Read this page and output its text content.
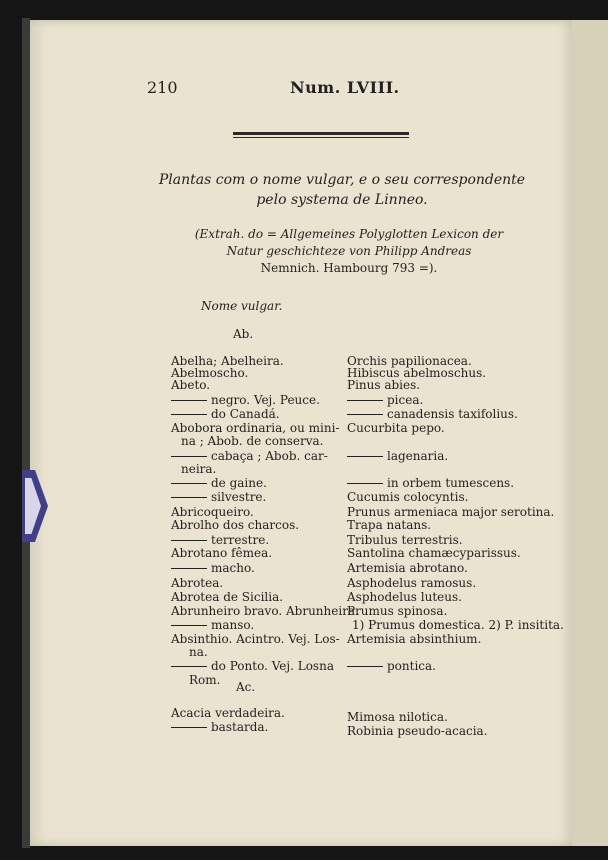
210	Num. LVIII.
Plantas com o nome vulgar, e o seu correspondente
pelo systema de Linneo.
(Extrah. do = Allgemeines Polyglotten Lexicon der
Natur geschichteze von Philipp Andreas
Nemnich. Hambourg 793 =).
Nome vulgar.
Ab.
Ac.
Abelha; Abelheira.
Abelmoscho.
Abeto.
negro. Vej. Peuce.
do Canadá.
Abobora ordinaria, ou mini-
na ; Abob. de conserva.
cabaça ; Abob. car-
neira.
de gaine.
silvestre.
Abricoqueiro.
Abrolho dos charcos.
terrestre.
Abrotano fêmea.
macho.
Abrotea.
Abrotea de Sicilia.
Abrunheiro bravo. Abrunheira.
manso.
Absinthio. Acintro. Vej. Los-
na.
do Ponto. Vej. Losna
Rom.
Acacia verdadeira.
bastarda.
Orchis papilionacea.
Hibiscus abelmoschus.
Pinus abies.
picea.
canadensis taxifolius.
Cucurbita pepo.
lagenaria.
in orbem tumescens.
Cucumis colocyntis.
Prunus armeniaca major serotina.
Trapa natans.
Tribulus terrestris.
Santolina chamæcyparissus.
Artemisia abrotano.
Asphodelus ramosus.
Asphodelus luteus.
Prumus spinosa.
1) Prumus domestica. 2) P. insitita.
Artemisia absinthium.
pontica.
Mimosa nilotica.
Robinia pseudo-acacia.
